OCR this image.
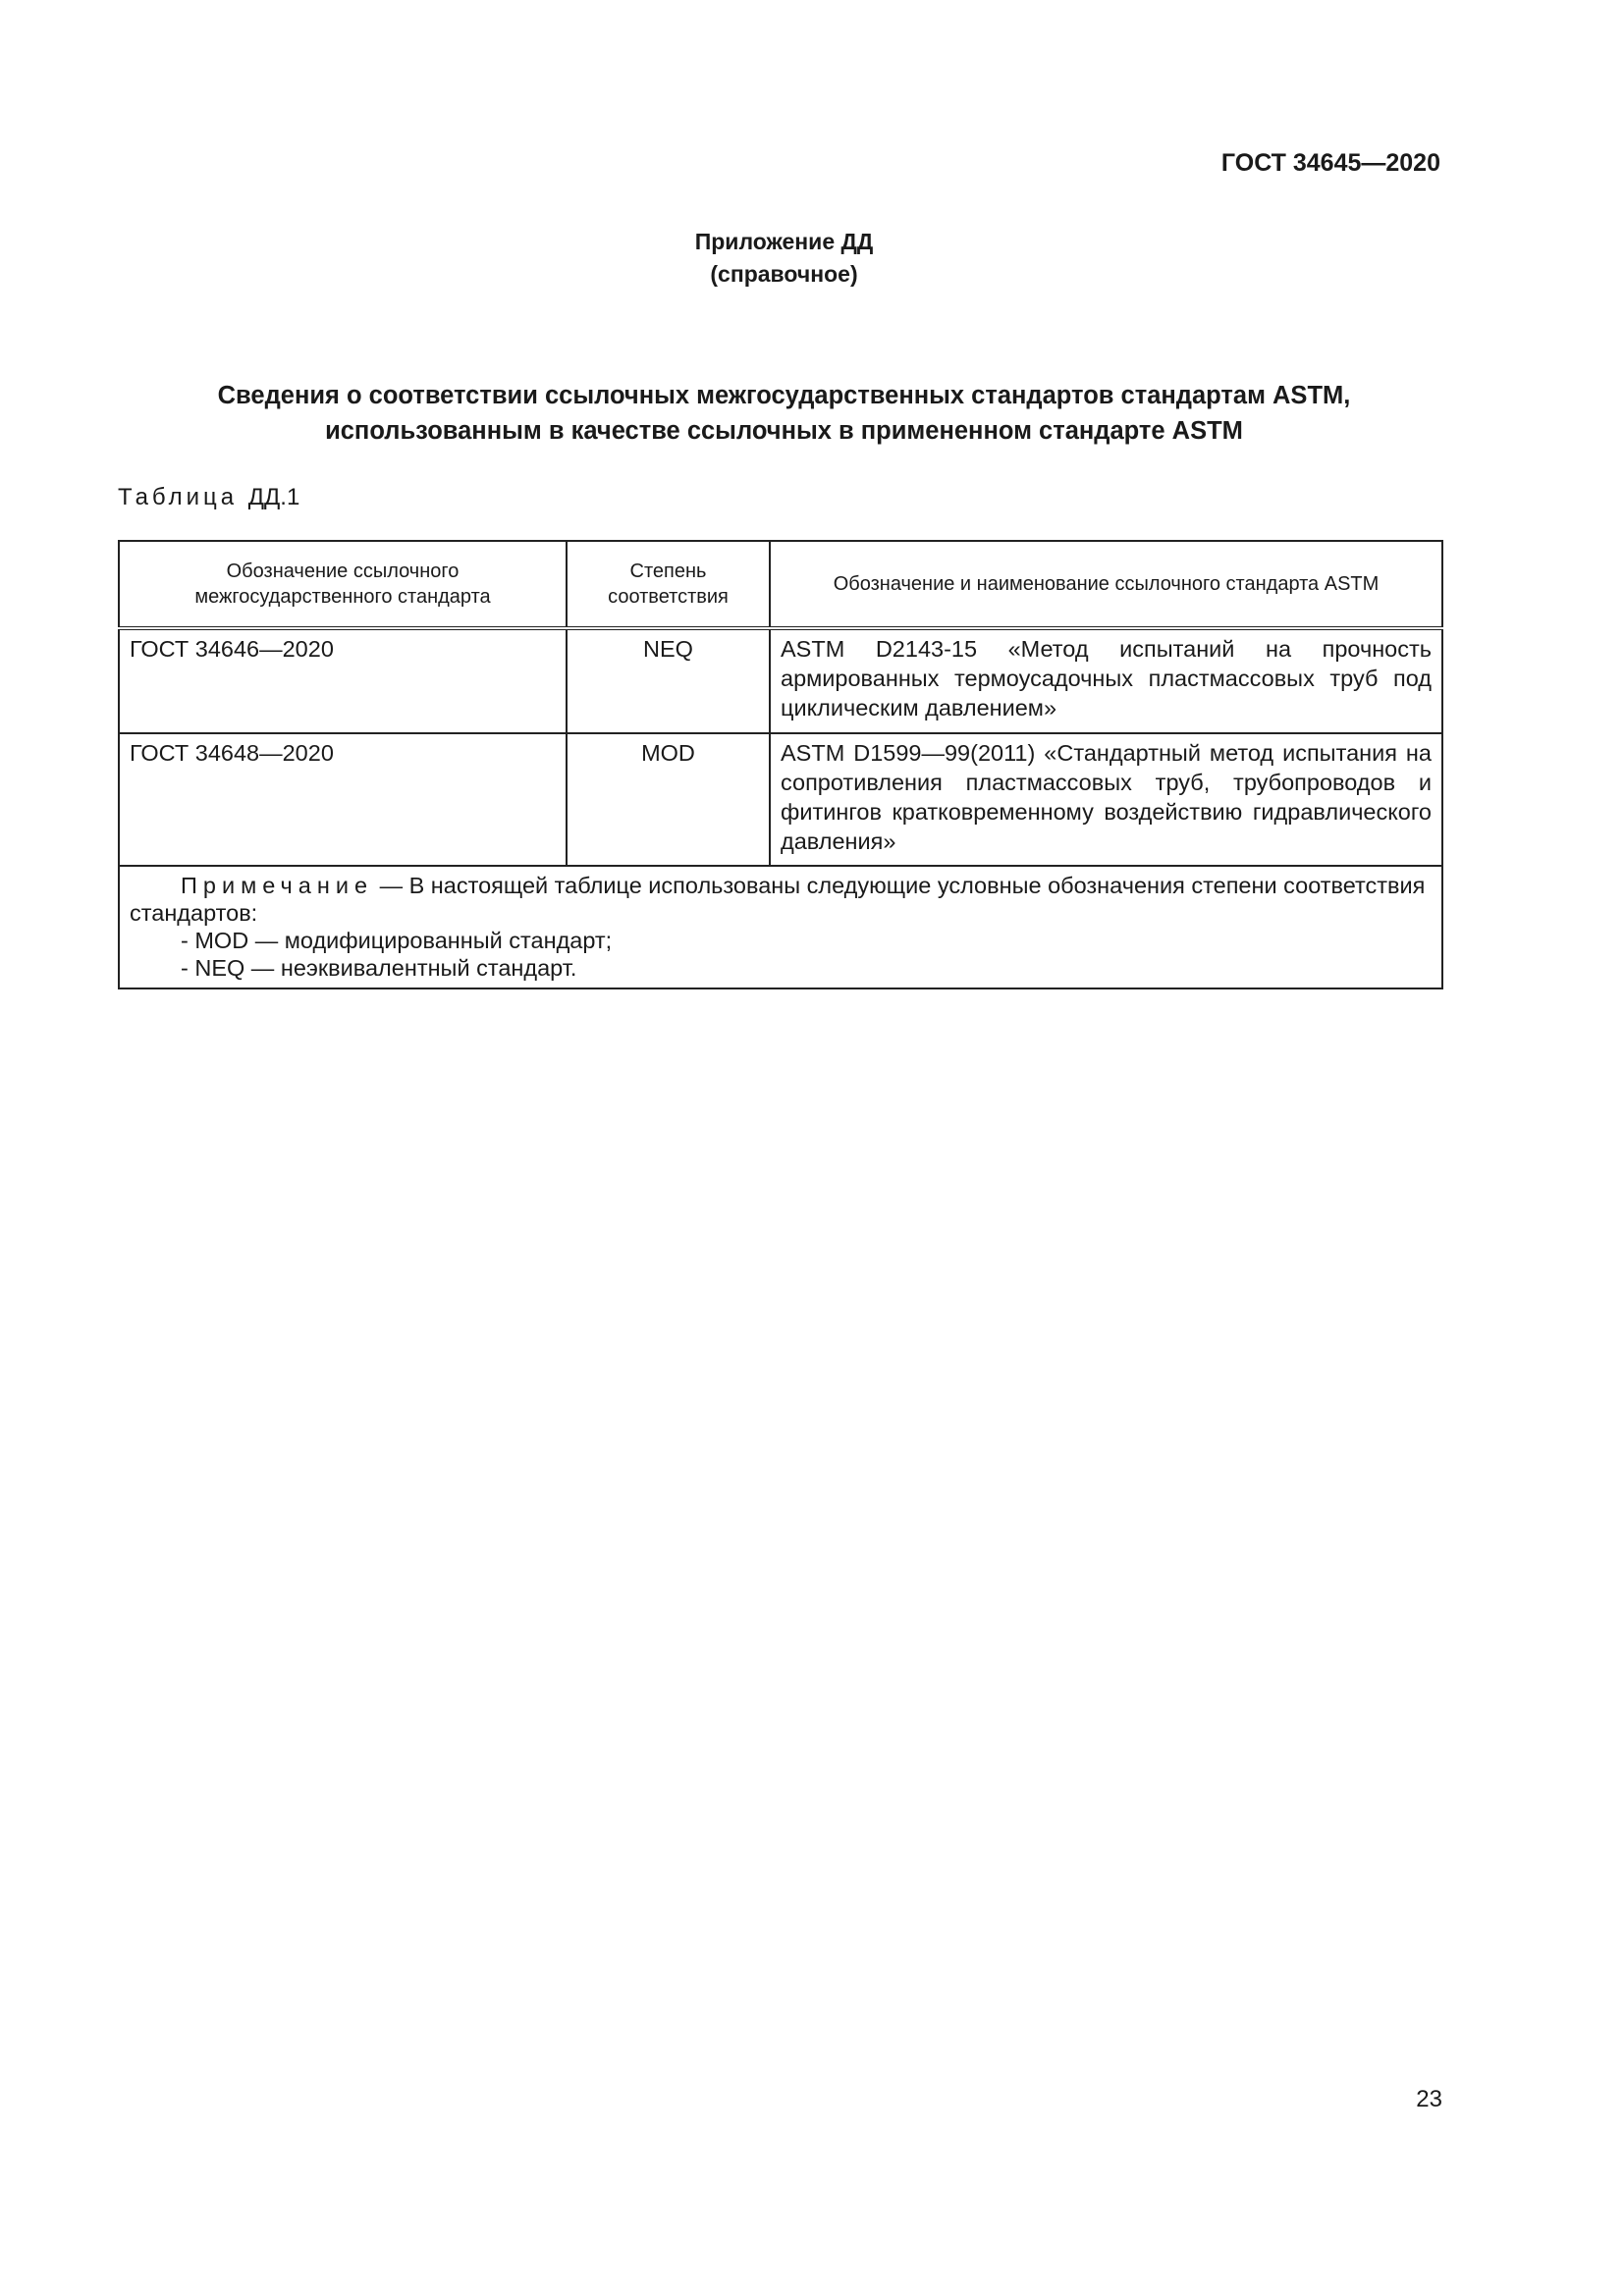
ГОСТ 34645—2020
Приложение ДД
(справочное)
Сведения о соответствии ссылочных межгосударственных стандартов стандартам ASTM,
использованным в качестве ссылочных в примененном стандарте ASTM
Таблица ДД.1
Обозначение ссылочного межгосударственного стандарта	Степень соответствия	Обозначение и наименование ссылочного стандарта ASTM
ГОСТ 34646—2020	NEQ	ASTM D2143-15 «Метод испытаний на прочность армированных термоусадочных пластмассовых труб под циклическим давлением»
ГОСТ 34648—2020	MOD	ASTM D1599—99(2011) «Стандартный метод испытания на сопротивления пластмассовых труб, трубопроводов и фитингов кратковременному воздействию гидравлического давления»

Примечание — В настоящей таблице использованы следующие условные обозначения степени соответствия стандартов:
- MOD — модифицированный стандарт;
- NEQ — неэквивалентный стандарт.		
23
